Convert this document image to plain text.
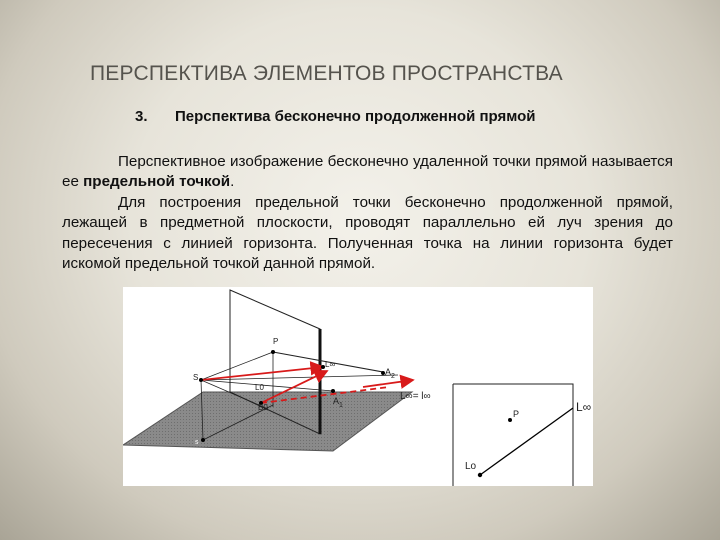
ПЕРСПЕКТИВА ЭЛЕМЕНТОВ ПРОСТРАНСТВА
3. Перспектива бесконечно продолженной прямой

Перспективное изображение бесконечно удаленной точки прямой называется ее предельной точкой.

Для построения предельной точки бесконечно продолженной прямой, лежащей в предметной плоскости, проводят параллельно ей луч зрения до пересечения с линией горизонта. Полученная точка на линии горизонта будет искомой предельной точкой данной прямой.

P
S
s
L∞
$A_2$
$A_1$
L0
B0
L∞= l∞
P	L∞
Lo
